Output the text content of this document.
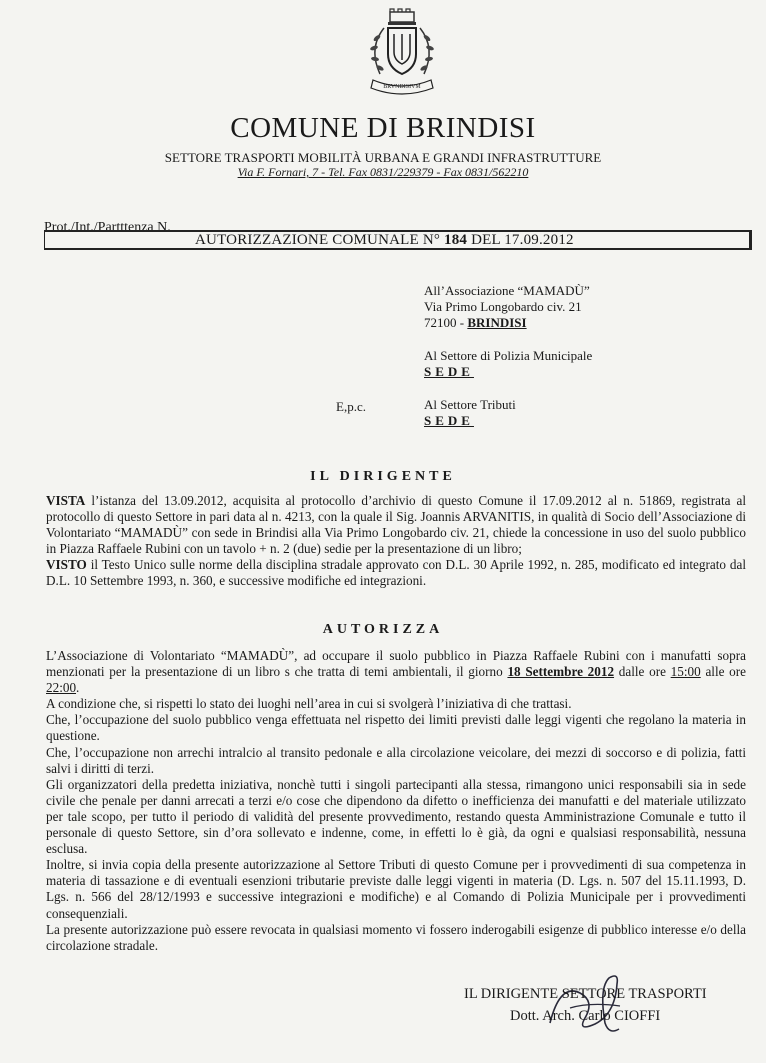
BRVNDISIVM
COMUNE DI BRINDISI
SETTORE TRASPORTI MOBILITÀ URBANA E GRANDI INFRASTRUTTURE
Via F. Fornari, 7 - Tel. Fax 0831/229379 - Fax 0831/562210
Prot./Int./Partttenza N.
AUTORIZZAZIONE COMUNALE N° 184 DEL 17.09.2012
All’Associazione “MAMADÙ”
Via Primo Longobardo civ. 21
72100 - BRINDISI
Al Settore di Polizia Municipale
SEDE
E,p.c.	Al Settore Tributi
SEDE
IL DIRIGENTE

VISTA l’istanza del 13.09.2012, acquisita al protocollo d’archivio di questo Comune il 17.09.2012 al n. 51869, registrata al protocollo di questo Settore in pari data al n. 4213, con la quale il Sig. Joannis ARVANITIS, in qualità di Socio dell’Associazione di Volontariato “MAMADÙ” con sede in Brindisi alla Via Primo Longobardo civ. 21, chiede la concessione in uso del suolo pubblico in Piazza Raffaele Rubini con un tavolo + n. 2 (due) sedie per la presentazione di un libro;

VISTO il Testo Unico sulle norme della disciplina stradale approvato con D.L. 30 Aprile 1992, n. 285, modificato ed integrato dal D.L. 10 Settembre 1993, n. 360, e successive modifiche ed integrazioni.

AUTORIZZA

L’Associazione di Volontariato “MAMADÙ”, ad occupare il suolo pubblico in Piazza Raffaele Rubini con i manufatti sopra menzionati per la presentazione di un libro s che tratta di temi ambientali, il giorno 18 Settembre 2012 dalle ore 15:00 alle ore 22:00.

A condizione che, si rispetti lo stato dei luoghi nell’area in cui si svolgerà l’iniziativa di che trattasi.

Che, l’occupazione del suolo pubblico venga effettuata nel rispetto dei limiti previsti dalle leggi vigenti che regolano la materia in questione.

Che, l’occupazione non arrechi intralcio al transito pedonale e alla circolazione veicolare, dei mezzi di soccorso e di polizia, fatti salvi i diritti di terzi.

Gli organizzatori della predetta iniziativa, nonchè tutti i singoli partecipanti alla stessa, rimangono unici responsabili sia in sede civile che penale per danni arrecati a terzi e/o cose che dipendono da difetto o inefficienza dei manufatti e del materiale utilizzato per tale scopo, per tutto il periodo di validità del presente provvedimento, restando questa Amministrazione Comunale e tutto il personale di questo Settore, sin d’ora sollevato e indenne, come, in effetti lo è già, da ogni e qualsiasi responsabilità, nessuna esclusa.

Inoltre, si invia copia della presente autorizzazione al Settore Tributi di questo Comune per i provvedimenti di sua competenza in materia di tassazione e di eventuali esenzioni tributarie previste dalle leggi vigenti in materia (D. Lgs. n. 507 del 15.11.1993, D. Lgs. n. 566 del 28/12/1993 e successive integrazioni e modifiche) e al Comando di Polizia Municipale per i provvedimenti consequenziali.

La presente autorizzazione può essere revocata in qualsiasi momento vi fossero inderogabili esigenze di pubblico interesse e/o della circolazione stradale.

IL DIRIGENTE SETTORE TRASPORTI
Dott. Arch. Carlo CIOFFI
